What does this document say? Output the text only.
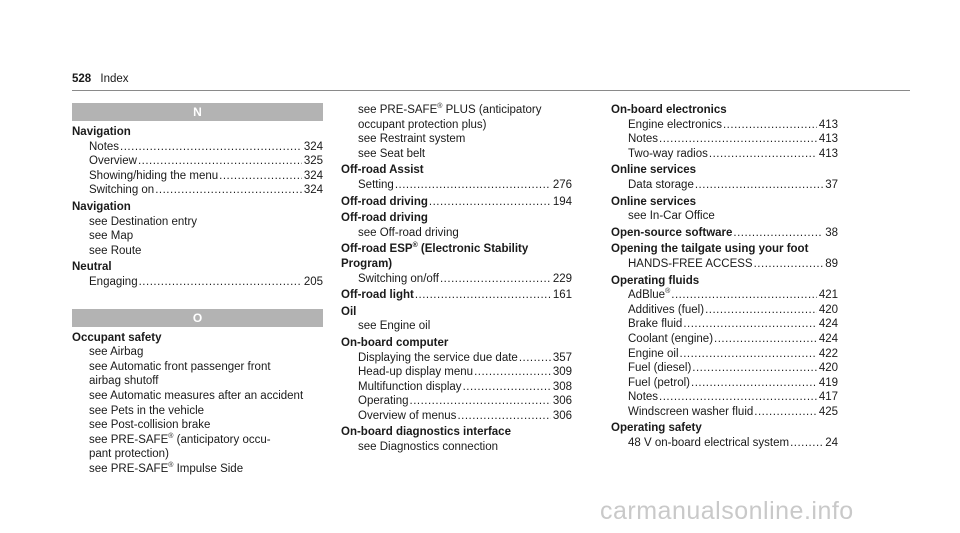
528 Index
N
Navigation
Notes .....	324
Overview .....	325
Showing/hiding the menu .....	324
Switching on .....	324
Navigation
see Destination entry
see Map
see Route
Neutral
Engaging .....	205
O
Occupant safety
see Airbag
see Automatic front passenger front
airbag shutoff
see Automatic measures after an accident
see Pets in the vehicle
see Post-collision brake
see PRE-SAFE® (anticipatory occu-
pant protection)
see PRE-SAFE® Impulse Side
see PRE-SAFE® PLUS (anticipatory
occupant protection plus)
see Restraint system
see Seat belt
Off-road Assist
Setting .....	276
Off-road driving .....	194
Off-road driving
see Off-road driving
Off-road ESP® (Electronic Stability
Program)
Switching on/off .....	229
Off-road light .....	161
Oil
see Engine oil
On-board computer
Displaying the service due date .....	357
Head-up display menu .....	309
Multifunction display .....	308
Operating .....	306
Overview of menus .....	306
On-board diagnostics interface
see Diagnostics connection
On-board electronics
Engine electronics .....	413
Notes .....	413
Two-way radios .....	413
Online services
Data storage .....	37
Online services
see In-Car Office
Open-source software .....	38
Opening the tailgate using your foot
HANDS-FREE ACCESS .....	89
Operating fluids
AdBlue® .....	421
Additives (fuel) .....	420
Brake fluid .....	424
Coolant (engine) .....	424
Engine oil .....	422
Fuel (diesel) .....	420
Fuel (petrol) .....	419
Notes .....	417
Windscreen washer fluid .....	425
Operating safety
48 V on-board electrical system .....	24
carmanualsonline.info
